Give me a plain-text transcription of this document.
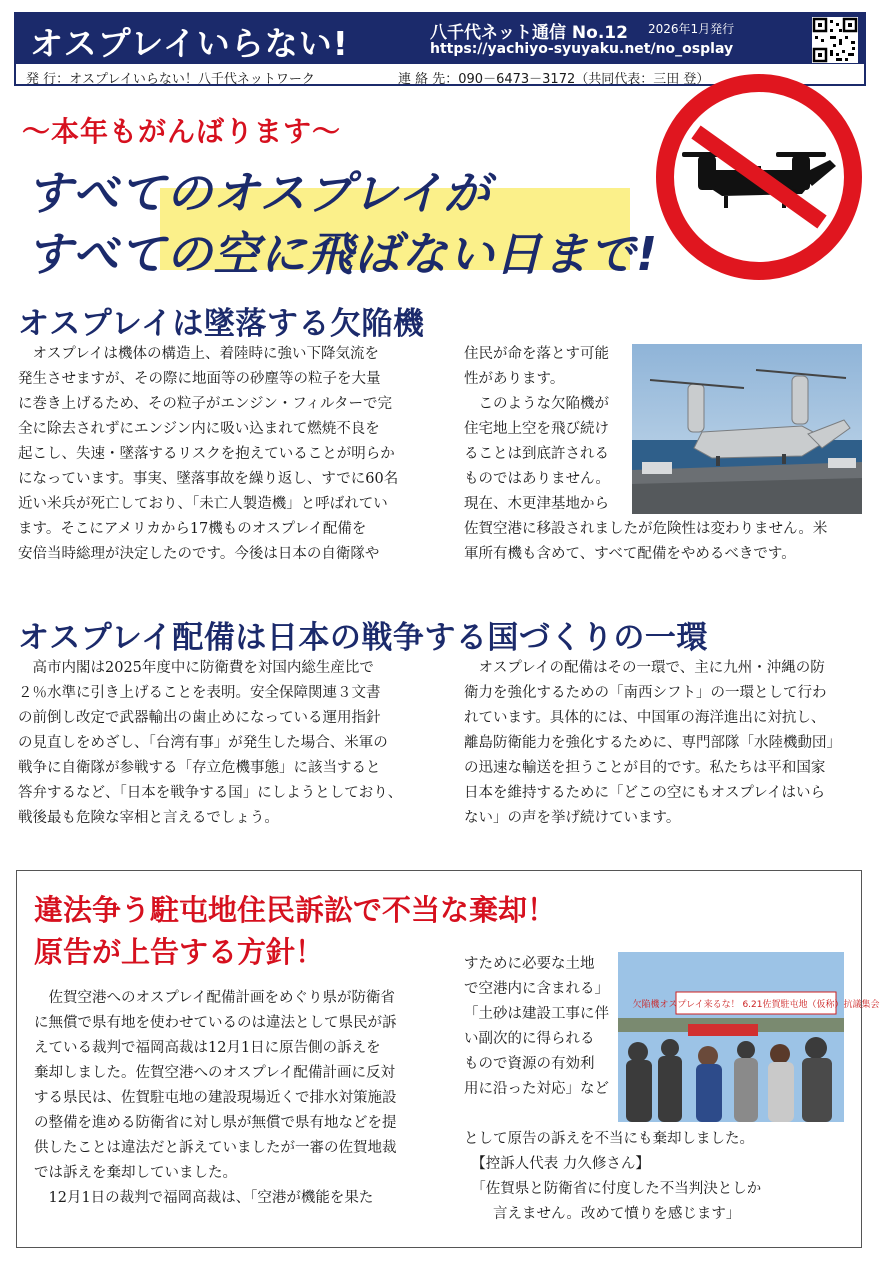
オスプレイいらない!	八千代ネット通信 No.12 2026年1月発行
https://yachiyo-syuyaku.net/no_osplay
発 行：オスプレイいらない！八千代ネットワーク	連 絡 先：090－6473－3172（共同代表：三田 登）
〜本年もがんばります〜
すべてのオスプレイが
すべての空に飛ばない日まで!
オスプレイは墜落する欠陥機
　オスプレイは機体の構造上、着陸時に強い下降気流を
発生させますが、その際に地面等の砂塵等の粒子を大量
に巻き上げるため、その粒子がエンジン・フィルターで完
全に除去されずにエンジン内に吸い込まれて燃焼不良を
起こし、失速・墜落するリスクを抱えていることが明らか
になっています。事実、墜落事故を繰り返し、すでに60名
近い米兵が死亡しており、「未亡人製造機」と呼ばれてい
ます。そこにアメリカから17機ものオスプレイ配備を
安倍当時総理が決定したのです。今後は日本の自衛隊や
住民が命を落とす可能
性があります。
　このような欠陥機が
住宅地上空を飛び続け
ることは到底許される
ものではありません。
現在、木更津基地から
佐賀空港に移設されましたが危険性は変わりません。米
軍所有機も含めて、すべて配備をやめるべきです。
オスプレイ配備は日本の戦争する国づくりの一環
　高市内閣は2025年度中に防衛費を対国内総生産比で
２％水準に引き上げることを表明。安全保障関連３文書
の前倒し改定で武器輸出の歯止めになっている運用指針
の見直しをめざし、「台湾有事」が発生した場合、米軍の
戦争に自衛隊が参戦する「存立危機事態」に該当すると
答弁するなど、「日本を戦争する国」にしようとしており、
戦後最も危険な宰相と言えるでしょう。
　オスプレイの配備はその一環で、主に九州・沖縄の防
衛力を強化するための「南西シフト」の一環として行わ
れています。具体的には、中国軍の海洋進出に対抗し、
離島防衛能力を強化するために、専門部隊「水陸機動団」
の迅速な輸送を担うことが目的です。私たちは平和国家
日本を維持するために「どこの空にもオスプレイはいら
ない」の声を挙げ続けています。
違法争う駐屯地住民訴訟で不当な棄却！
原告が上告する方針！
　佐賀空港へのオスプレイ配備計画をめぐり県が防衛省
に無償で県有地を使わせているのは違法として県民が訴
えている裁判で福岡高裁は12月1日に原告側の訴えを
棄却しました。佐賀空港へのオスプレイ配備計画に反対
する県民は、佐賀駐屯地の建設現場近くで排水対策施設
の整備を進める防衛省に対し県が無償で県有地などを提
供したことは違法だと訴えていましたが一審の佐賀地裁
では訴えを棄却していました。
　12月1日の裁判で福岡高裁は、「空港が機能を果た
すために必要な土地
で空港内に含まれる」
「土砂は建設工事に伴
い副次的に得られる
もので資源の有効利
用に沿った対応」など
欠陥機オスプレイ来るな！ 6.21佐賀駐屯地（仮称）抗議集会
として原告の訴えを不当にも棄却しました。
　【控訴人代表 力久修さん】
　「佐賀県と防衛省に付度した不当判決としか
　　言えません。改めて憤りを感じます」
